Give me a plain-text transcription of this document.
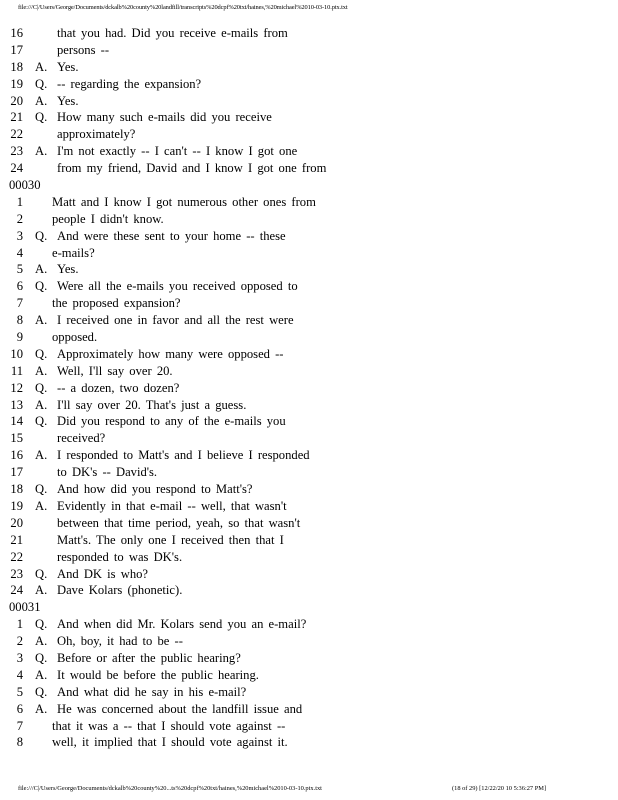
file:///C|/Users/George/Documents/dckalb%20county%20landfill/transcripts%20dcpf%20txt/haines,%20michael%2010-03-10.ptx.txt
16	that you had. Did you receive e-mails from
17	persons --
18 A. Yes.
19 Q. -- regarding the expansion?
20 A. Yes.
21 Q. How many such e-mails did you receive
22	approximately?
23 A. I'm not exactly -- I can't -- I know I got one
24	from my friend, David and I know I got one from
00030
1 Matt and I know I got numerous other ones from
2 people I didn't know.
3 Q. And were these sent to your home -- these
4 e-mails?
5 A. Yes.
6 Q. Were all the e-mails you received opposed to
7 the proposed expansion?
8 A. I received one in favor and all the rest were
9 opposed.
10 Q. Approximately how many were opposed --
11 A. Well, I'll say over 20.
12 Q. -- a dozen, two dozen?
13 A. I'll say over 20. That's just a guess.
14 Q. Did you respond to any of the e-mails you
15	received?
16 A. I responded to Matt's and I believe I responded
17	to DK's -- David's.
18 Q. And how did you respond to Matt's?
19 A. Evidently in that e-mail -- well, that wasn't
20	between that time period, yeah, so that wasn't
21	Matt's. The only one I received then that I
22	responded to was DK's.
23 Q. And DK is who?
24 A. Dave Kolars (phonetic).
00031
1 Q. And when did Mr. Kolars send you an e-mail?
2 A. Oh, boy, it had to be --
3 Q. Before or after the public hearing?
4 A. It would be before the public hearing.
5 Q. And what did he say in his e-mail?
6 A. He was concerned about the landfill issue and
7 that it was a -- that I should vote against --
8 well, it implied that I should vote against it.
file:///C|/Users/George/Documents/dckalb%20county%20...ts%20dcpf%20txt/haines,%20michael%2010-03-10.ptx.txt	(18 of 29) [12/22/20 10 5:36:27 PM]
